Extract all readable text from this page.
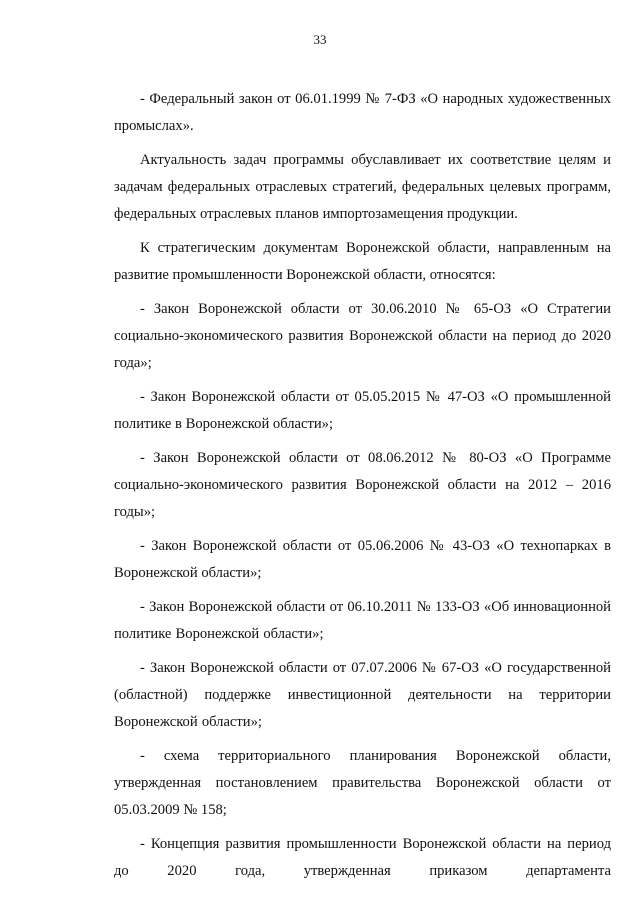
33

- Федеральный закон от 06.01.1999 № 7-ФЗ «О народных художественных промыслах».

Актуальность задач программы обуславливает их соответствие целям и задачам федеральных отраслевых стратегий, федеральных целевых программ, федеральных отраслевых планов импортозамещения продукции.

К стратегическим документам Воронежской области, направленным на развитие промышленности Воронежской области, относятся:

- Закон Воронежской области от 30.06.2010 № 65-ОЗ «О Стратегии социально-экономического развития Воронежской области на период до 2020 года»;

- Закон Воронежской области от 05.05.2015 № 47-ОЗ «О промышленной политике в Воронежской области»;

- Закон Воронежской области от 08.06.2012 № 80-ОЗ «О Программе социально-экономического развития Воронежской области на 2012 – 2016 годы»;

- Закон Воронежской области от 05.06.2006 № 43-ОЗ «О технопарках в Воронежской области»;

- Закон Воронежской области от 06.10.2011 № 133-ОЗ «Об инновационной политике Воронежской области»;

- Закон Воронежской области от 07.07.2006 № 67-ОЗ «О государственной (областной) поддержке инвестиционной деятельности на территории Воронежской области»;

- схема территориального планирования Воронежской области, утвержденная постановлением правительства Воронежской области от 05.03.2009 № 158;

- Концепция развития промышленности Воронежской области на период до 2020 года, утвержденная приказом департамента
